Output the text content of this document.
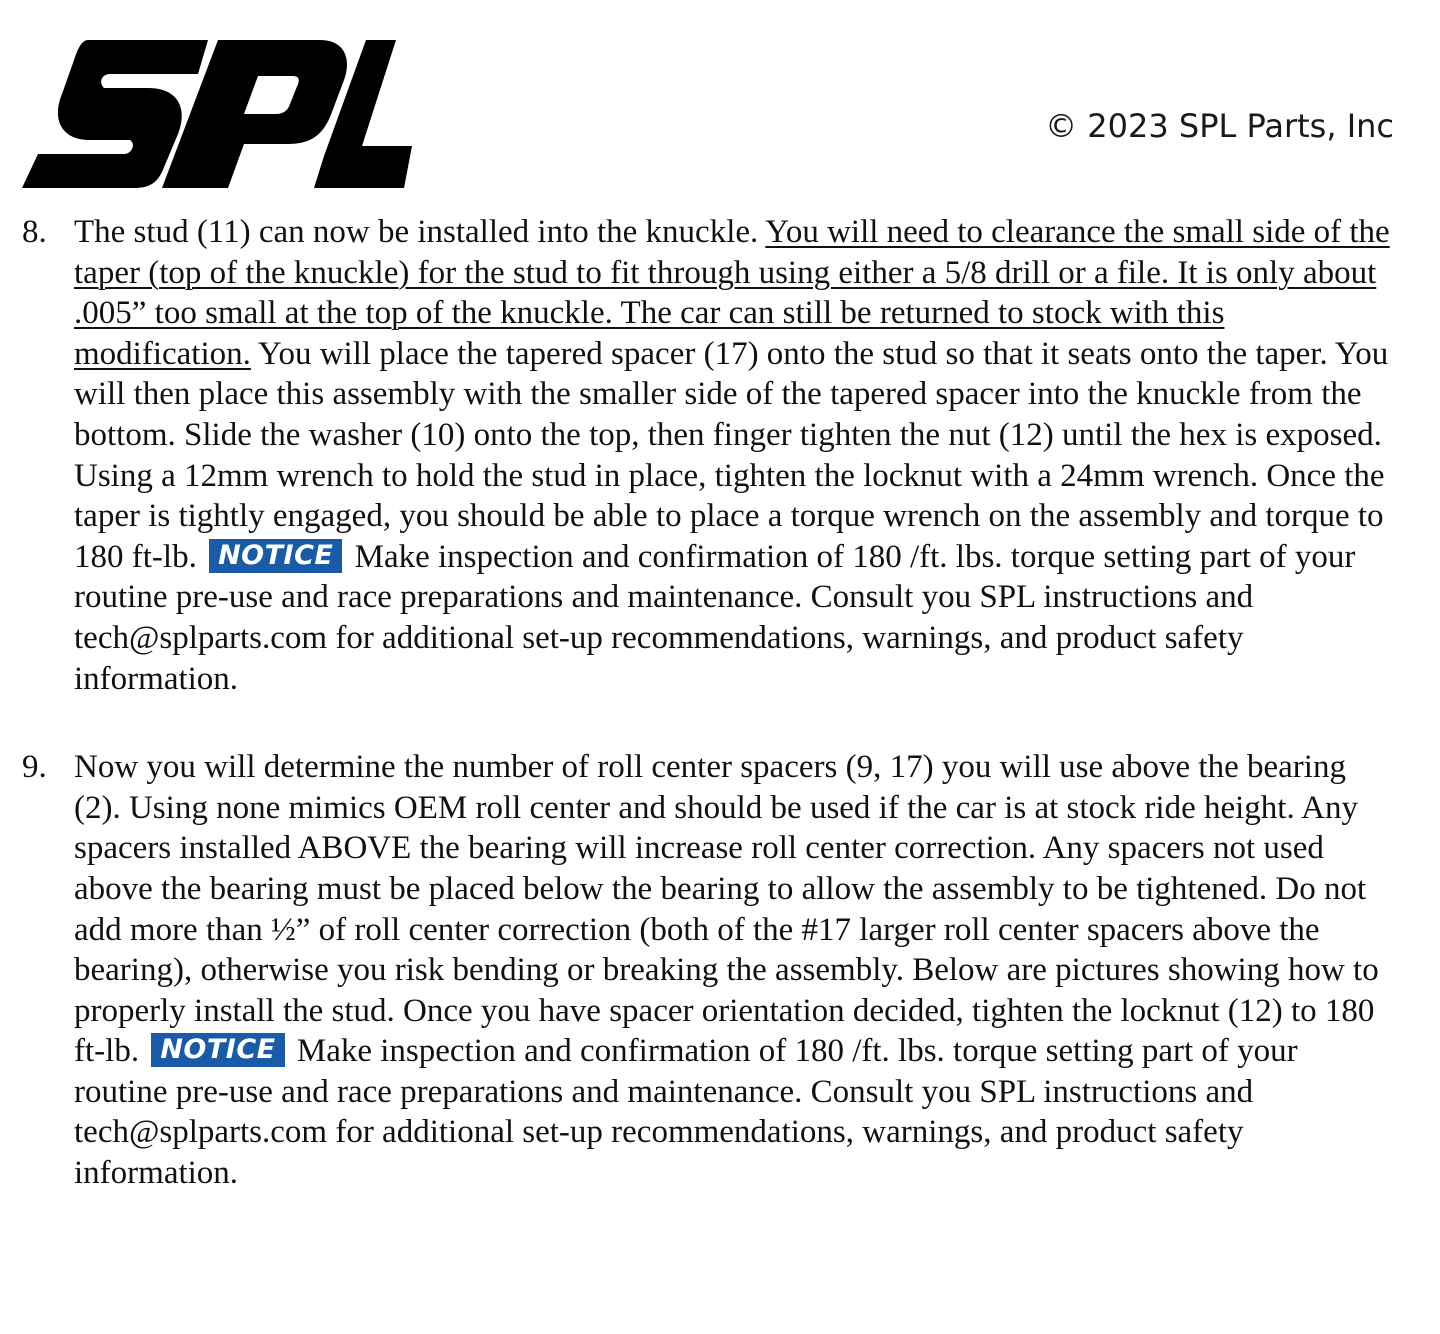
© 2023 SPL Parts, Inc
8. The stud (11) can now be installed into the knuckle. You will need to clearance the small side of the taper (top of the knuckle) for the stud to fit through using either a 5/8 drill or a file. It is only about .005” too small at the top of the knuckle. The car can still be returned to stock with this modification. You will place the tapered spacer (17) onto the stud so that it seats onto the taper. You will then place this assembly with the smaller side of the tapered spacer into the knuckle from the bottom. Slide the washer (10) onto the top, then finger tighten the nut (12) until the hex is exposed. Using a 12mm wrench to hold the stud in place, tighten the locknut with a 24mm wrench. Once the taper is tightly engaged, you should be able to place a torque wrench on the assembly and torque to 180 ft-lb. NOTICE Make inspection and confirmation of 180 /ft. lbs. torque setting part of your routine pre-use and race preparations and maintenance. Consult you SPL instructions and tech@splparts.com for additional set-up recommendations, warnings, and product safety information.
9. Now you will determine the number of roll center spacers (9, 17) you will use above the bearing (2). Using none mimics OEM roll center and should be used if the car is at stock ride height. Any spacers installed ABOVE the bearing will increase roll center correction. Any spacers not used above the bearing must be placed below the bearing to allow the assembly to be tightened. Do not add more than ½” of roll center correction (both of the #17 larger roll center spacers above the bearing), otherwise you risk bending or breaking the assembly. Below are pictures showing how to properly install the stud. Once you have spacer orientation decided, tighten the locknut (12) to 180 ft-lb. NOTICE Make inspection and confirmation of 180 /ft. lbs. torque setting part of your routine pre-use and race preparations and maintenance. Consult you SPL instructions and tech@splparts.com for additional set-up recommendations, warnings, and product safety information.
